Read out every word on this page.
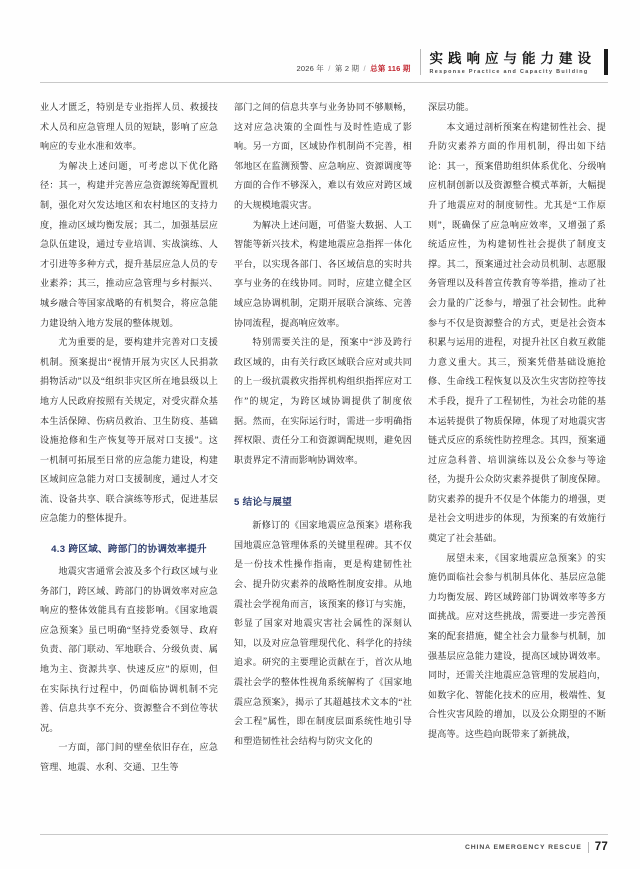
2026 年 / 第 2 期 / 总第 116 期
实践响应与能力建设
Response Practice and Capacity Building

业人才匮乏，特别是专业指挥人员、救援技术人员和应急管理人员的短缺，影响了应急响应的专业水准和效率。

为解决上述问题，可考虑以下优化路径：其一，构建并完善应急资源统筹配置机制，强化对欠发达地区和农村地区的支持力度，推动区域均衡发展；其二，加强基层应急队伍建设，通过专业培训、实战演练、人才引进等多种方式，提升基层应急人员的专业素养；其三，推动应急管理与乡村振兴、城乡融合等国家战略的有机契合，将应急能力建设纳入地方发展的整体规划。

尤为重要的是，要构建并完善对口支援机制。预案提出“视情开展为灾区人民捐款捐物活动”以及“组织非灾区所在地县级以上地方人民政府按照有关规定，对受灾群众基本生活保障、伤病员救治、卫生防疫、基础设施抢修和生产恢复等开展对口支援”。这一机制可拓展至日常的应急能力建设，构建区域间应急能力对口支援制度，通过人才交流、设备共享、联合演练等形式，促进基层应急能力的整体提升。

4.3 跨区域、跨部门的协调效率提升

地震灾害通常会波及多个行政区域与业务部门，跨区域、跨部门的协调效率对应急响应的整体效能具有直接影响。《国家地震应急预案》虽已明确“坚持党委领导、政府负责、部门联动、军地联合、分级负责、属地为主、资源共享、快速反应”的原则，但在实际执行过程中，仍面临协调机制不完善、信息共享不充分、资源整合不到位等状况。

一方面，部门间的壁垒依旧存在，应急管理、地震、水利、交通、卫生等

部门之间的信息共享与业务协同不够顺畅，这对应急决策的全面性与及时性造成了影响。另一方面，区域协作机制尚不完善，相邻地区在监测预警、应急响应、资源调度等方面的合作不够深入，难以有效应对跨区域的大规模地震灾害。

为解决上述问题，可借鉴大数据、人工智能等新兴技术，构建地震应急指挥一体化平台，以实现各部门、各区域信息的实时共享与业务的在线协同。同时，应建立健全区域应急协调机制，定期开展联合演练、完善协同流程，提高响应效率。

特别需要关注的是，预案中“涉及跨行政区域的，由有关行政区域联合应对或共同的上一级抗震救灾指挥机构组织指挥应对工作”的规定，为跨区域协调提供了制度依据。然而，在实际运行时，需进一步明确指挥权限、责任分工和资源调配规则，避免因职责界定不清而影响协调效率。

5 结论与展望

新修订的《国家地震应急预案》堪称我国地震应急管理体系的关键里程碑。其不仅是一份技术性操作指南，更是构建韧性社会、提升防灾素养的战略性制度安排。从地震社会学视角而言，该预案的修订与实施，彰显了国家对地震灾害社会属性的深刻认知，以及对应急管理现代化、科学化的持续追求。研究的主要理论贡献在于，首次从地震社会学的整体性视角系统解构了《国家地震应急预案》，揭示了其超越技术文本的“社会工程”属性，即在制度层面系统性地引导和塑造韧性社会结构与防灾文化的

深层功能。

本文通过剖析预案在构建韧性社会、提升防灾素养方面的作用机制，得出如下结论：其一，预案借助组织体系优化、分级响应机制创新以及资源整合模式革新，大幅提升了地震应对的制度韧性。尤其是“工作原则”，既确保了应急响应效率，又增强了系统适应性，为构建韧性社会提供了制度支撑。其二，预案通过社会动员机制、志愿服务管理以及科普宣传教育等举措，推动了社会力量的广泛参与，增强了社会韧性。此种参与不仅是资源整合的方式，更是社会资本积累与运用的进程，对提升社区自救互救能力意义重大。其三，预案凭借基础设施抢修、生命线工程恢复以及次生灾害防控等技术手段，提升了工程韧性，为社会功能的基本运转提供了物质保障，体现了对地震灾害链式反应的系统性防控理念。其四，预案通过应急科普、培训演练以及公众参与等途径，为提升公众防灾素养提供了制度保障。防灾素养的提升不仅是个体能力的增强，更是社会文明进步的体现，为预案的有效施行奠定了社会基础。

展望未来，《国家地震应急预案》的实施仍面临社会参与机制具体化、基层应急能力均衡发展、跨区域跨部门协调效率等多方面挑战。应对这些挑战，需要进一步完善预案的配套措施，健全社会力量参与机制，加强基层应急能力建设，提高区域协调效率。同时，还需关注地震应急管理的发展趋向，如数字化、智能化技术的应用，极端性、复合性灾害风险的增加，以及公众期望的不断提高等。这些趋向既带来了新挑战，

CHINA EMERGENCY RESCUE 77
